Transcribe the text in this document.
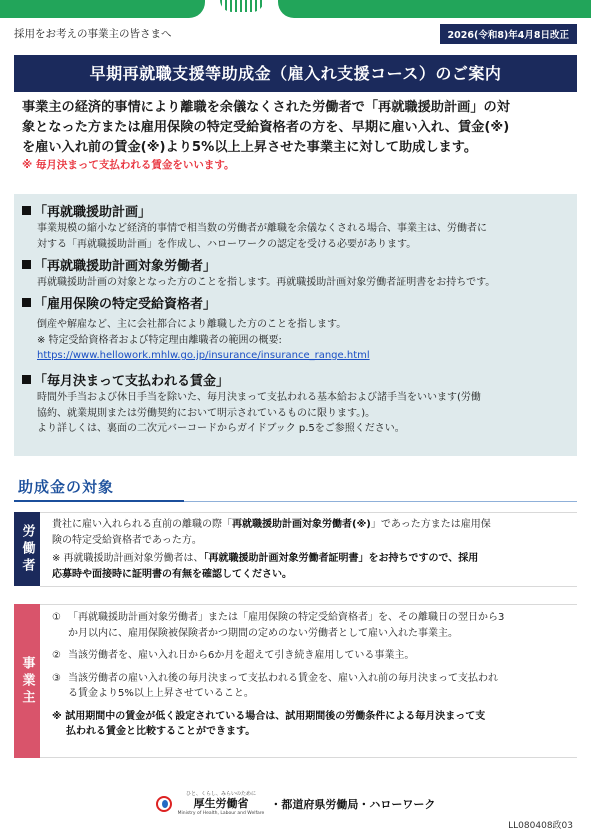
採用をお考えの事業主の皆さまへ	2026(令和8)年4月8日改正
早期再就職支援等助成金（雇入れ支援コース）のご案内
事業主の経済的事情により離職を余儀なくされた労働者で「再就職援助計画」の対
象となった方または雇用保険の特定受給資格者の方を、早期に雇い入れ、賃金(※)
を雇い入れ前の賃金(※)より5%以上上昇させた事業主に対して助成します。
※ 毎月決まって支払われる賃金をいいます。
「再就職援助計画」
事業規模の縮小など経済的事情で相当数の労働者が離職を余儀なくされる場合、事業主は、労働者に
対する「再就職援助計画」を作成し、ハローワークの認定を受ける必要があります。
「再就職援助計画対象労働者」
再就職援助計画の対象となった方のことを指します。再就職援助計画対象労働者証明書をお持ちです。
「雇用保険の特定受給資格者」
倒産や解雇など、主に会社都合により離職した方のことを指します。
※ 特定受給資格者および特定理由離職者の範囲の概要:
https://www.hellowork.mhlw.go.jp/insurance/insurance_range.html
「毎月決まって支払われる賃金」
時間外手当および休日手当を除いた、毎月決まって支払われる基本給および諸手当をいいます(労働
協約、就業規則または労働契約において明示されているものに限ります。)。
より詳しくは、裏面の二次元バーコードからガイドブック p.5をご参照ください。
助成金の対象
労働者	貴社に雇い入れられる直前の離職の際「再就職援助計画対象労働者(※)」であった方または雇用保
険の特定受給資格者であった方。
※ 再就職援助計画対象労働者は、「再就職援助計画対象労働者証明書」をお持ちですので、採用
応募時や面接時に証明書の有無を確認してください。
事業主
① 「再就職援助計画対象労働者」または「雇用保険の特定受給資格者」を、その離職日の翌日から3
か月以内に、雇用保険被保険者かつ期間の定めのない労働者として雇い入れた事業主。
② 当該労働者を、雇い入れ日から6か月を超えて引き続き雇用している事業主。
③ 当該労働者の雇い入れ後の毎月決まって支払われる賃金を、雇い入れ前の毎月決まって支払われ
る賃金より5%以上上昇させていること。
※ 試用期間中の賃金が低く設定されている場合は、試用期間後の労働条件による毎月決まって支
払われる賃金と比較することができます。
ひと、くらし、みらいのために
厚生労働省
Ministry of Health, Labour and Welfare
・都道府県労働局・ハローワーク
LL080408政03
